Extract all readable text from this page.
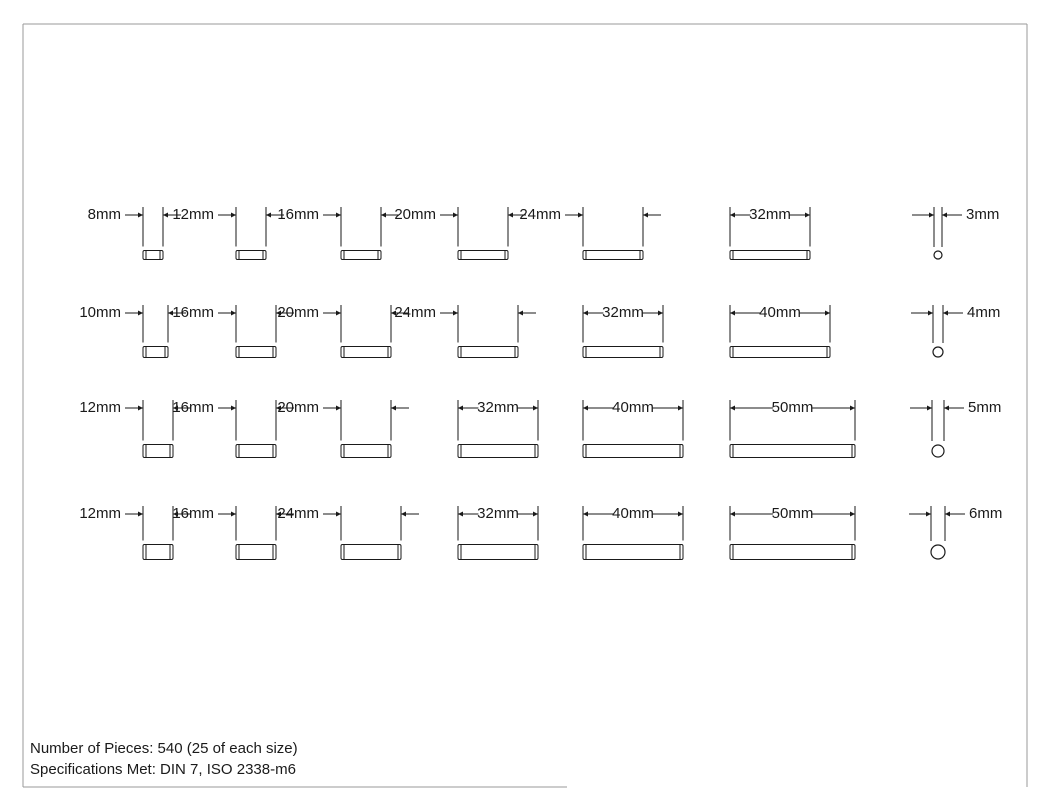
8mm	12mm	16mm	20mm	24mm	32mm	3mm
10mm	16mm	20mm	24mm	32mm	40mm	4mm
12mm	16mm	20mm	32mm	40mm	50mm	5mm
12mm	16mm	24mm	32mm	40mm	50mm	6mm
Number of Pieces: 540 (25 of each size)
Specifications Met: DIN 7, ISO 2338-m6
